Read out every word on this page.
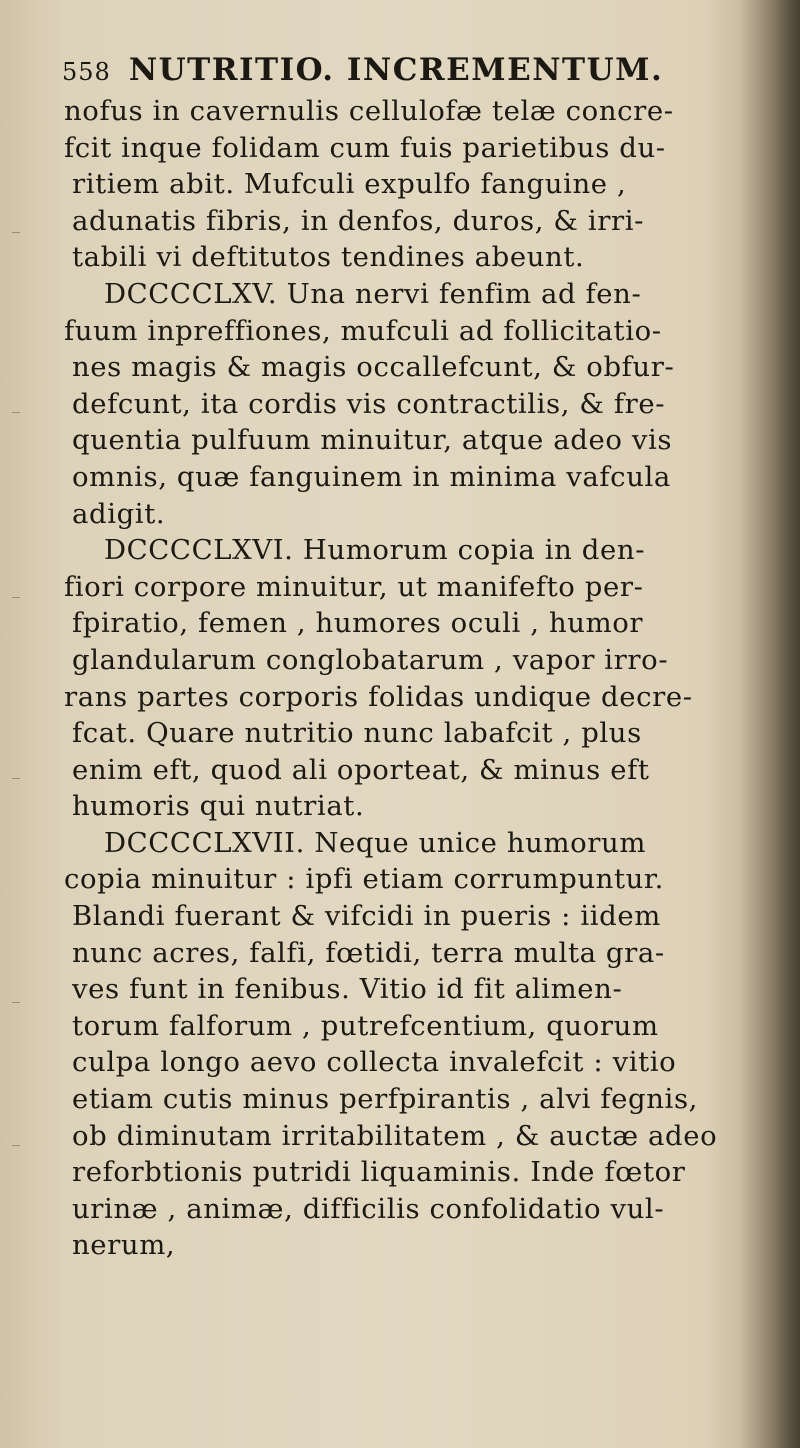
558 NUTRITIO. INCREMENTUM.
nofus in cavernulis cellulofæ telæ concre-
fcit inque folidam cum fuis parietibus du-
ritiem abit. Mufculi expulfo fanguine ,
adunatis fibris, in denfos, duros, & irri-
tabili vi deftitutos tendines abeunt.
DCCCCLXV. Una nervi fenfim ad fen-
fuum inpreffiones, mufculi ad follicitatio-
nes magis & magis occallefcunt, & obfur-
defcunt, ita cordis vis contractilis, & fre-
quentia pulfuum minuitur, atque adeo vis
omnis, quæ fanguinem in minima vafcula
adigit.
DCCCCLXVI. Humorum copia in den-
fiori corpore minuitur, ut manifefto per-
fpiratio, femen , humores oculi , humor
glandularum conglobatarum , vapor irro-
rans partes corporis folidas undique decre-
fcat. Quare nutritio nunc labafcit , plus
enim eft, quod ali oporteat, & minus eft
humoris qui nutriat.
DCCCCLXVII. Neque unice humorum
copia minuitur : ipfi etiam corrumpuntur.
Blandi fuerant & vifcidi in pueris : iidem
nunc acres, falfi, fœtidi, terra multa gra-
ves funt in fenibus. Vitio id fit alimen-
torum falforum , putrefcentium, quorum
culpa longo aevo collecta invalefcit : vitio
etiam cutis minus perfpirantis , alvi fegnis,
ob diminutam irritabilitatem , & auctæ adeo
reforbtionis putridi liquaminis. Inde fœtor
urinæ , animæ, difficilis confolidatio vul-
nerum,
